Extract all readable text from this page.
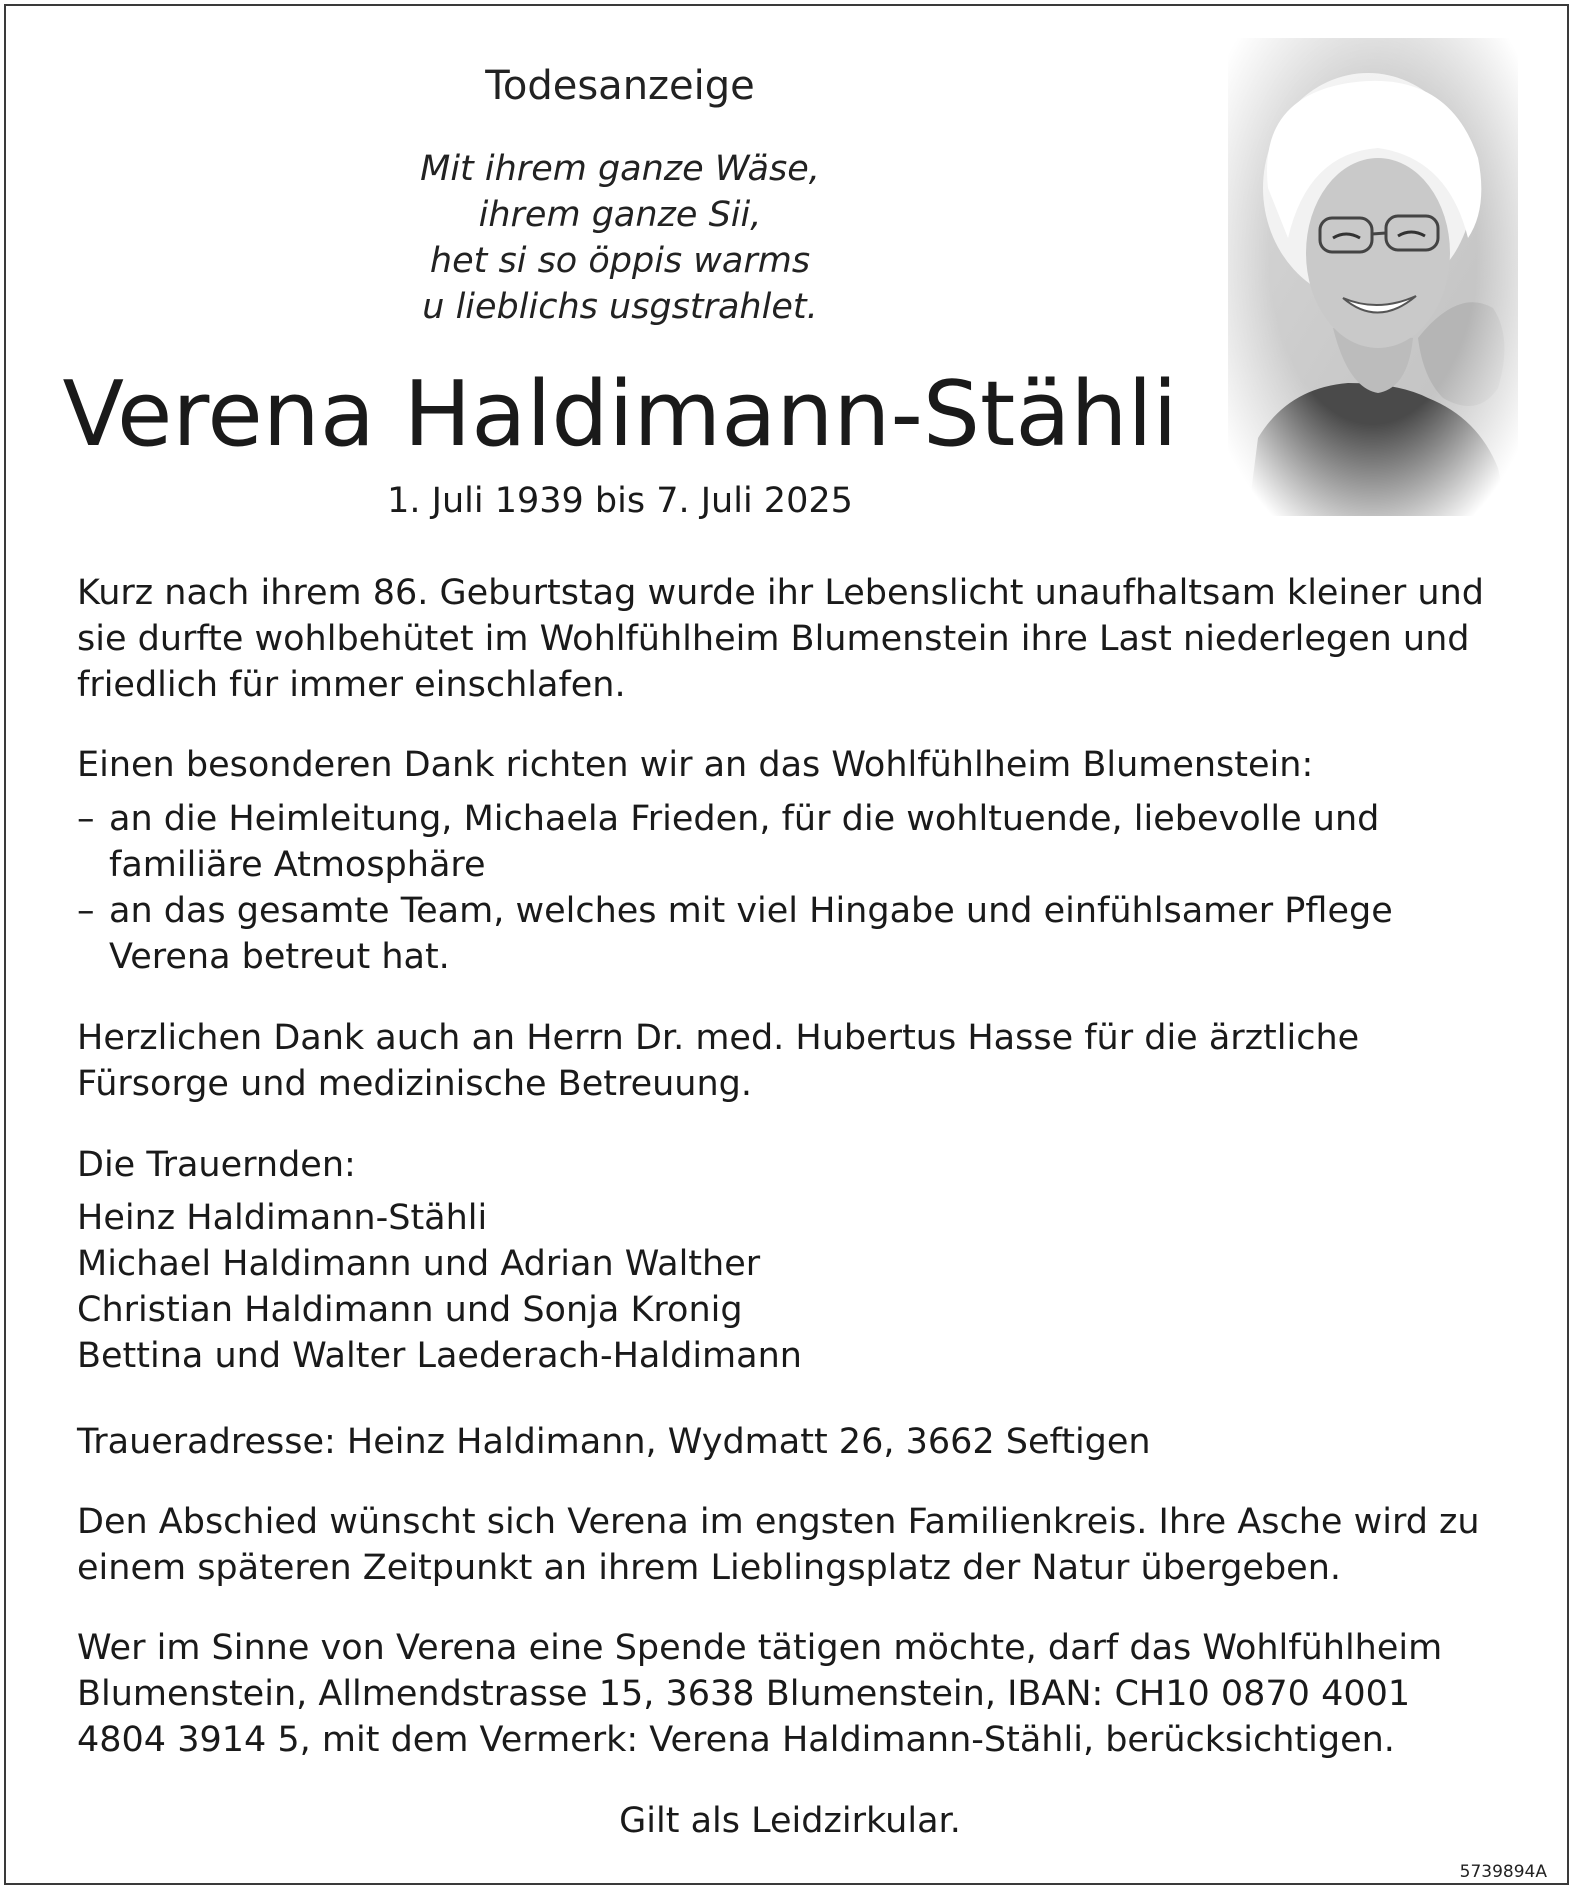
Todesanzeige
Mit ihrem ganze Wäse,
ihrem ganze Sii,
het si so öppis warms
u lieblichs usgstrahlet.
Verena Haldimann-Stähli
1. Juli 1939 bis 7. Juli 2025

Kurz nach ihrem 86. Geburtstag wurde ihr Lebenslicht unaufhaltsam kleiner und sie durfte wohlbehütet im Wohlfühlheim Blumenstein ihre Last niederlegen und friedlich für immer einschlafen.

Einen besonderen Dank richten wir an das Wohlfühlheim Blumenstein:

– an die Heimleitung, Michaela Frieden, für die wohltuende, liebevolle und familiäre Atmosphäre
– an das gesamte Team, welches mit viel Hingabe und einfühlsamer Pflege Verena betreut hat.

Herzlichen Dank auch an Herrn Dr. med. Hubertus Hasse für die ärztliche Fürsorge und medizinische Betreuung.

Die Trauernden:
Heinz Haldimann-Stähli
Michael Haldimann und Adrian Walther
Christian Haldimann und Sonja Kronig
Bettina und Walter Laederach-Haldimann
Traueradresse: Heinz Haldimann, Wydmatt 26, 3662 Seftigen

Den Abschied wünscht sich Verena im engsten Familienkreis. Ihre Asche wird zu einem späteren Zeitpunkt an ihrem Lieblingsplatz der Natur übergeben.

Wer im Sinne von Verena eine Spende tätigen möchte, darf das Wohlfühlheim Blumenstein, Allmendstrasse 15, 3638 Blumenstein, IBAN: CH10 0870 4001 4804 3914 5, mit dem Vermerk: Verena Haldimann-Stähli, berücksichtigen.

Gilt als Leidzirkular.
5739894A
